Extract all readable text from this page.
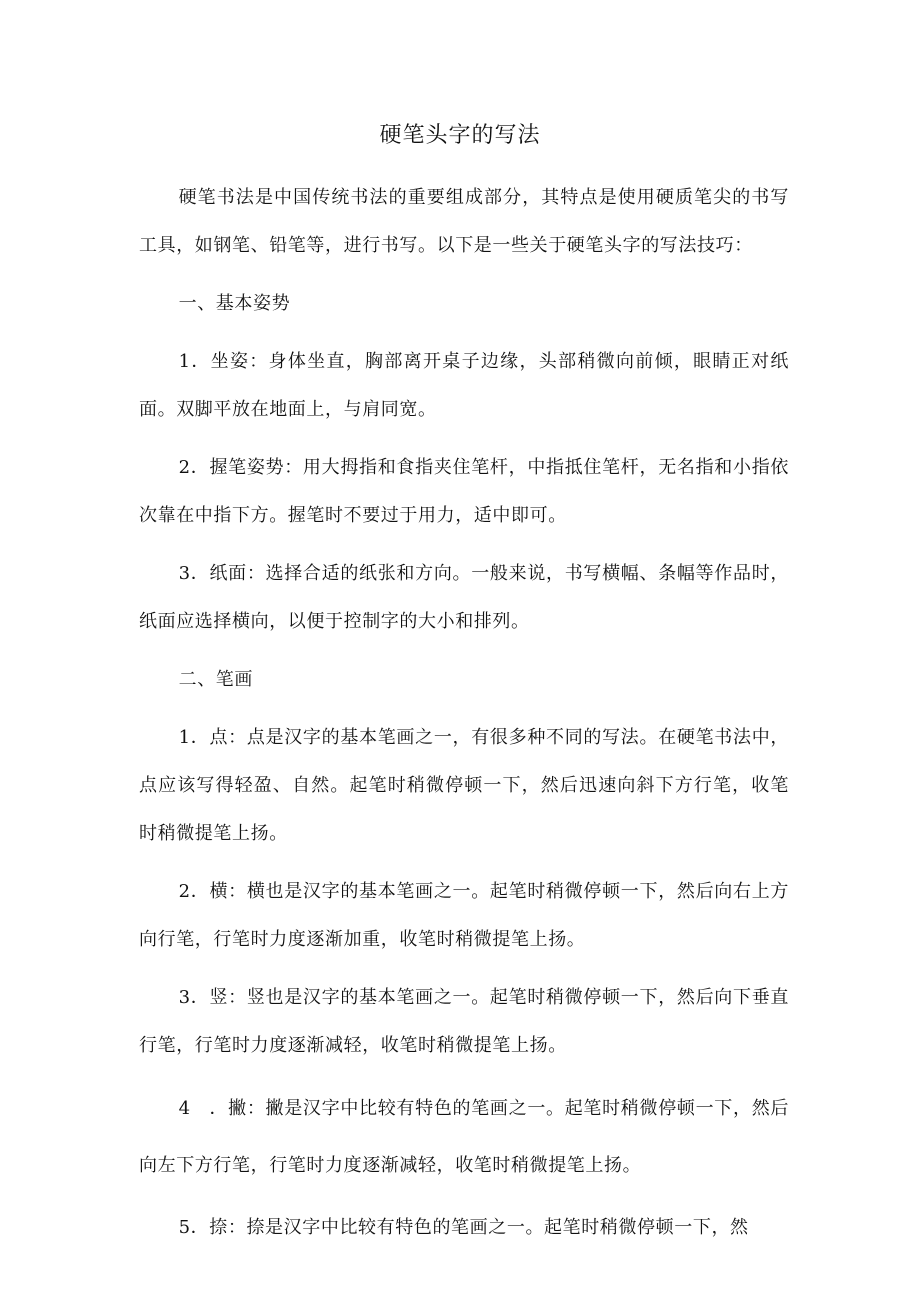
硬笔头字的写法

硬笔书法是中国传统书法的重要组成部分，其特点是使用硬质笔尖的书写工具，如钢笔、铅笔等，进行书写。以下是一些关于硬笔头字的写法技巧：

一、基本姿势

1．坐姿：身体坐直，胸部离开桌子边缘，头部稍微向前倾，眼睛正对纸面。双脚平放在地面上，与肩同宽。

2．握笔姿势：用大拇指和食指夹住笔杆，中指抵住笔杆，无名指和小指依次靠在中指下方。握笔时不要过于用力，适中即可。

3．纸面：选择合适的纸张和方向。一般来说，书写横幅、条幅等作品时，纸面应选择横向，以便于控制字的大小和排列。

二、笔画

1．点：点是汉字的基本笔画之一，有很多种不同的写法。在硬笔书法中，点应该写得轻盈、自然。起笔时稍微停顿一下，然后迅速向斜下方行笔，收笔时稍微提笔上扬。

2．横：横也是汉字的基本笔画之一。起笔时稍微停顿一下，然后向右上方向行笔，行笔时力度逐渐加重，收笔时稍微提笔上扬。

3．竖：竖也是汉字的基本笔画之一。起笔时稍微停顿一下，然后向下垂直行笔，行笔时力度逐渐减轻，收笔时稍微提笔上扬。

4　．撇：撇是汉字中比较有特色的笔画之一。起笔时稍微停顿一下，然后向左下方行笔，行笔时力度逐渐减轻，收笔时稍微提笔上扬。

5．捺：捺是汉字中比较有特色的笔画之一。起笔时稍微停顿一下，然
